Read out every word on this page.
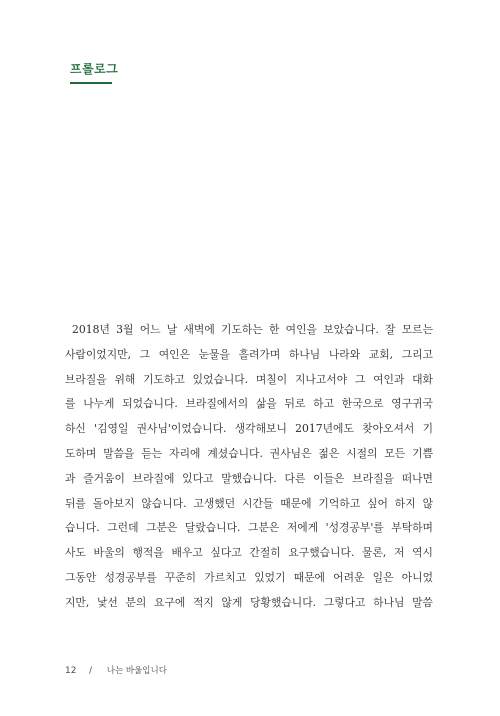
프롤로그
2018년 3월 어느 날 새벽에 기도하는 한 여인을 보았습니다. 잘 모르는
사람이었지만, 그 여인은 눈물을 흘려가며 하나님 나라와 교회, 그리고
브라질을 위해 기도하고 있었습니다. 며칠이 지나고서야 그 여인과 대화
를 나누게 되었습니다. 브라질에서의 삶을 뒤로 하고 한국으로 영구귀국
하신 '김영일 권사님'이었습니다. 생각해보니 2017년에도 찾아오셔서 기
도하며 말씀을 듣는 자리에 계셨습니다. 권사님은 젊은 시절의 모든 기쁨
과 즐거움이 브라질에 있다고 말했습니다. 다른 이들은 브라질을 떠나면
뒤를 돌아보지 않습니다. 고생했던 시간들 때문에 기억하고 싶어 하지 않
습니다. 그런데 그분은 달랐습니다. 그분은 저에게 '성경공부'를 부탁하며
사도 바울의 행적을 배우고 싶다고 간절히 요구했습니다. 물론, 저 역시
그동안 성경공부를 꾸준히 가르치고 있었기 때문에 어려운 일은 아니었
지만, 낯선 분의 요구에 적지 않게 당황했습니다. 그렇다고 하나님 말씀
12 / 나는 바울입니다
